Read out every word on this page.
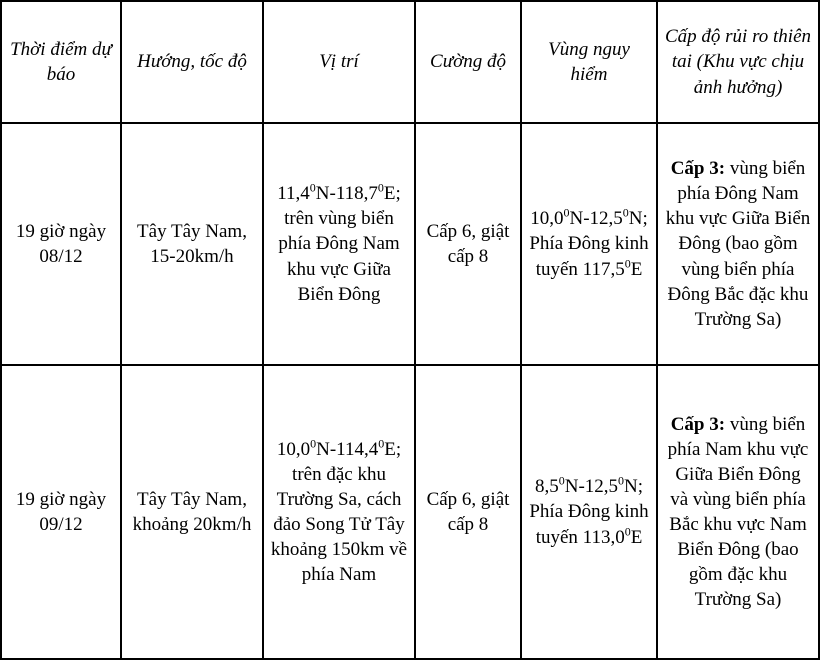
Thời điểm dự báo	Hướng, tốc độ	Vị trí	Cường độ	Vùng nguy hiểm	Cấp độ rủi ro thiên tai (Khu vực chịu ảnh hưởng)
19 giờ ngày 08/12	Tây Tây Nam, 15-20km/h	11,4$^0$N-118,7$^0$E; trên vùng biển phía Đông Nam khu vực Giữa Biển Đông	Cấp 6, giật cấp 8	10,0$^0$N-12,5$^0$N; Phía Đông kinh tuyến 117,5$^0$E	Cấp 3: vùng biển phía Đông Nam khu vực Giữa Biển Đông (bao gồm vùng biển phía Đông Bắc đặc khu Trường Sa)
19 giờ ngày 09/12	Tây Tây Nam, khoảng 20km/h	10,0$^0$N-114,4$^0$E; trên đặc khu Trường Sa, cách đảo Song Tử Tây khoảng 150km về phía Nam	Cấp 6, giật cấp 8	$8,5^0N-12,5^0N$; Phía Đông kinh tuyến 113,0$^0$E	Cấp 3: vùng biển phía Nam khu vực Giữa Biển Đông và vùng biển phía Bắc khu vực Nam Biển Đông (bao gồm đặc khu Trường Sa)
